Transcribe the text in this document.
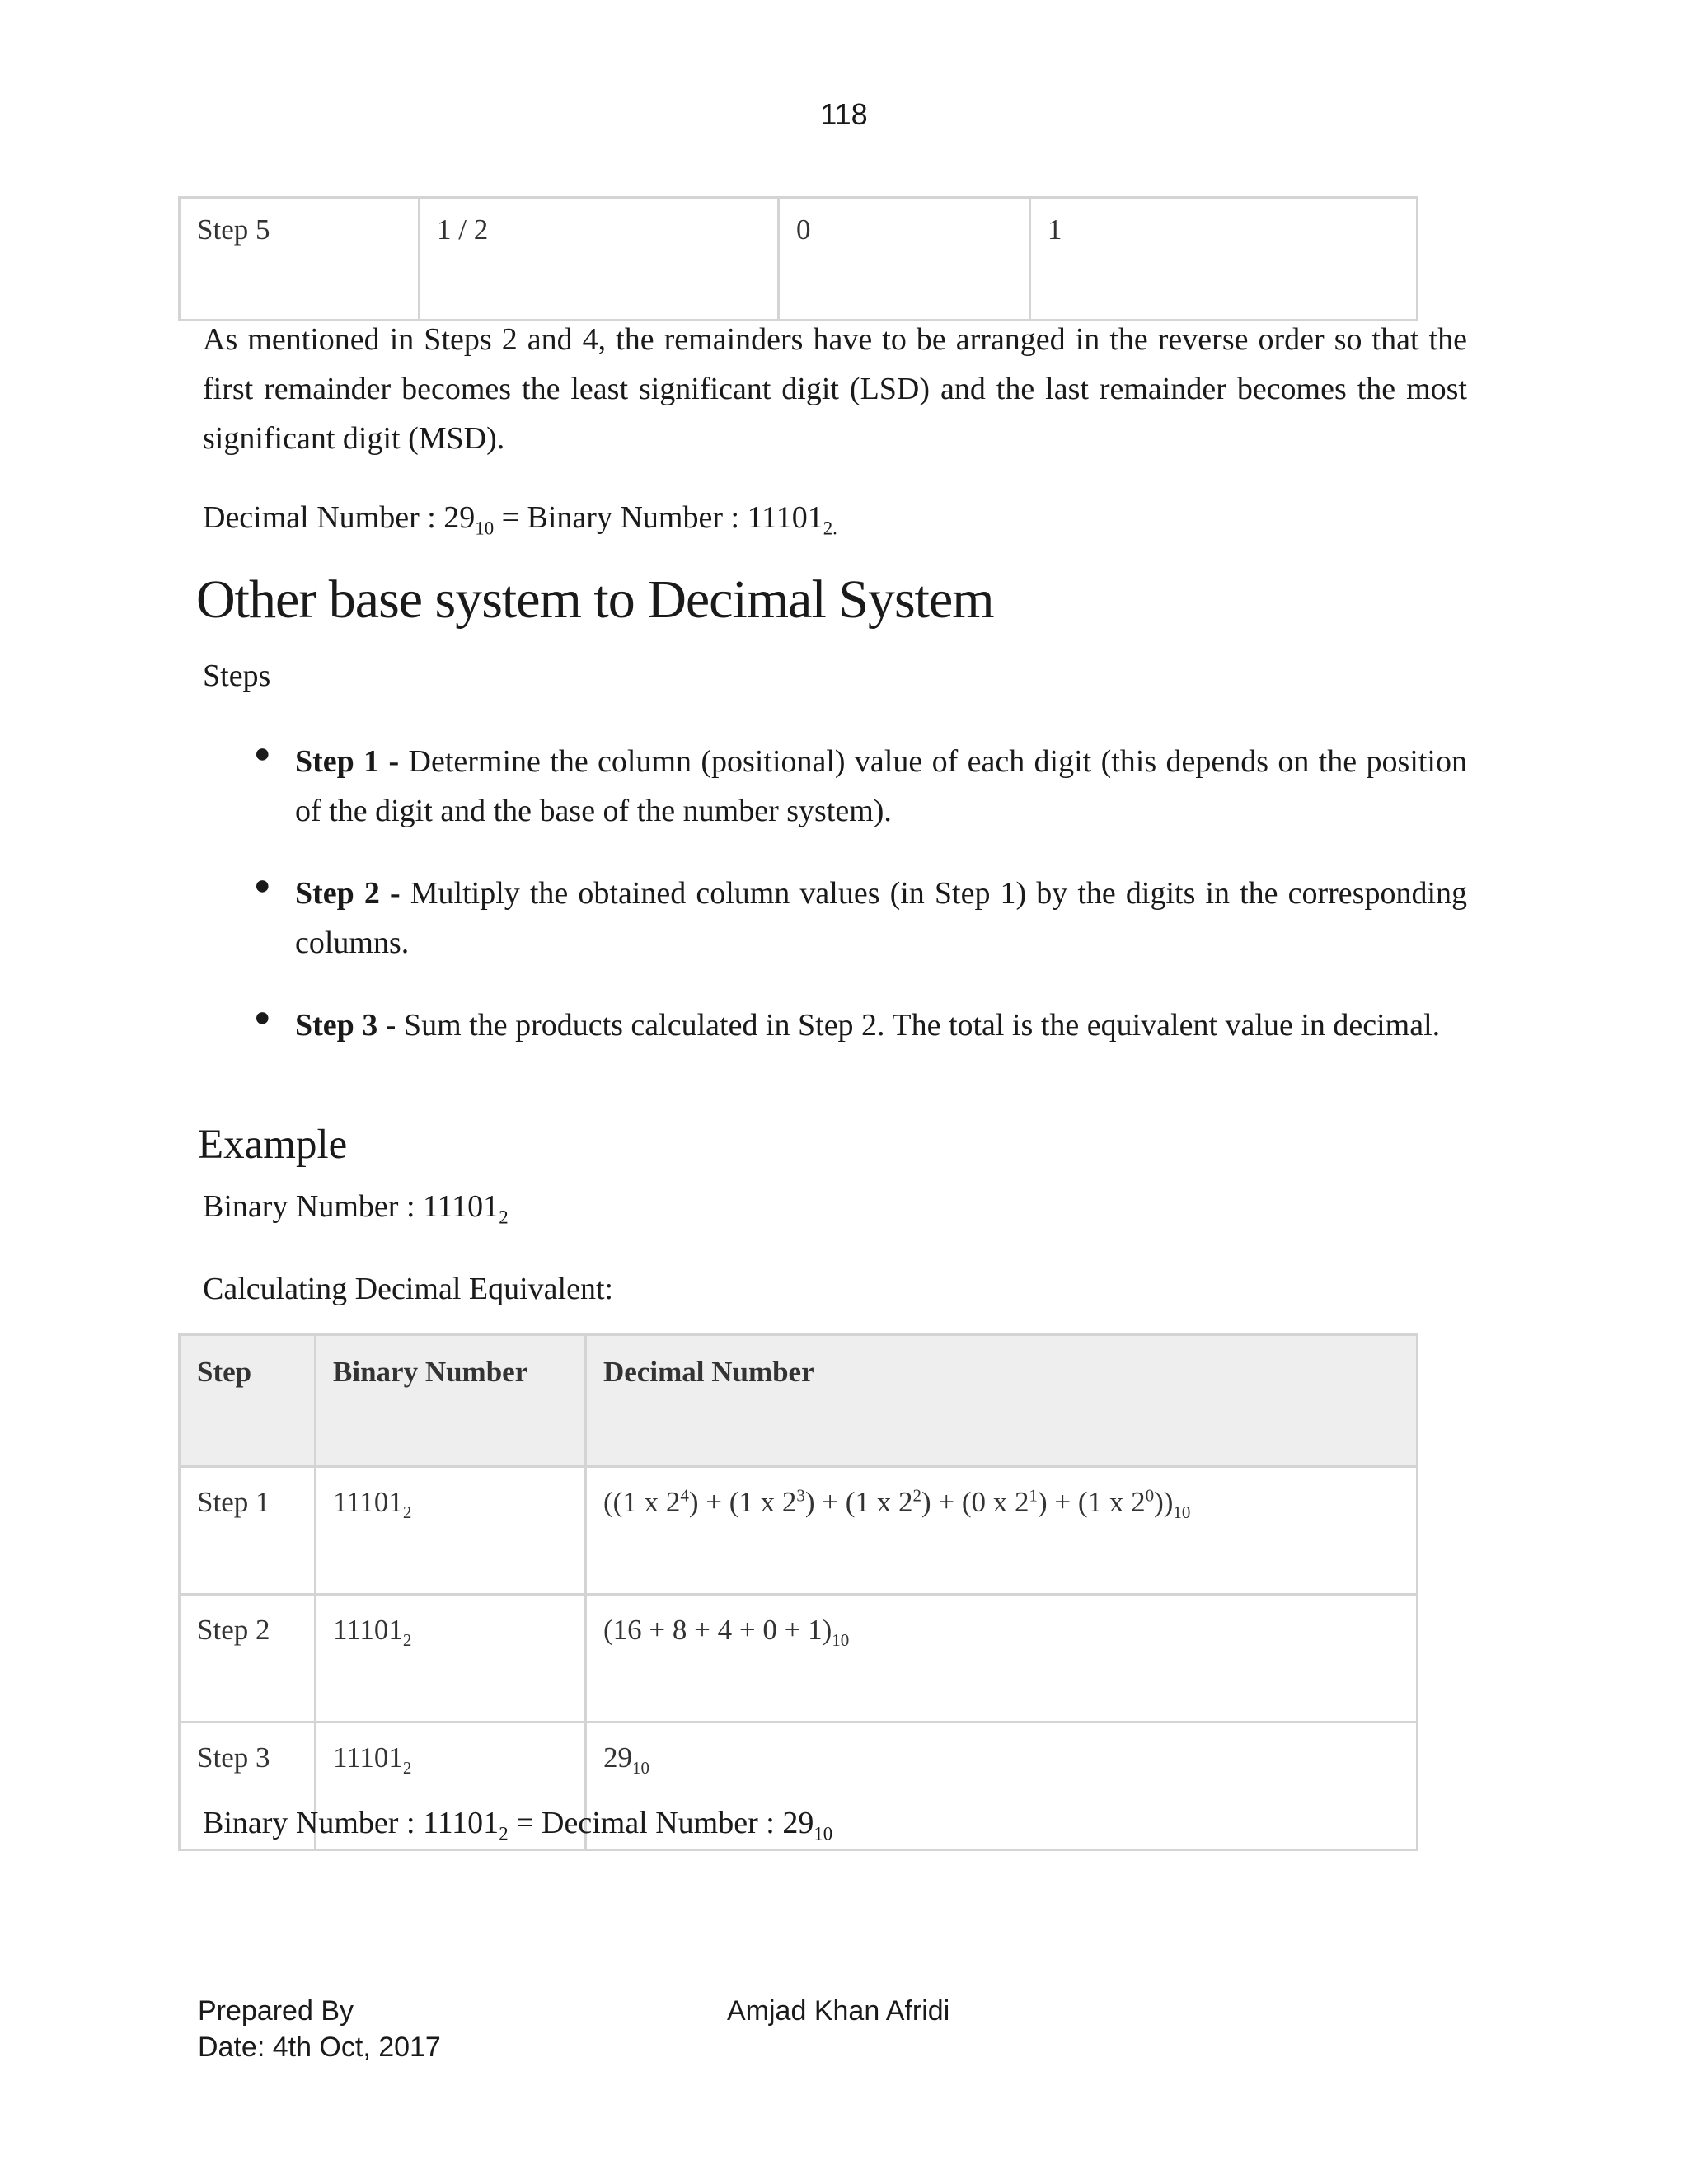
118
Step 5	1 / 2	0	1
As mentioned in Steps 2 and 4, the remainders have to be arranged in the reverse order so that the first remainder becomes the least significant digit (LSD) and the last remainder becomes the most significant digit (MSD).
Decimal Number : $29_{10}$ = Binary Number : $11101_{2.}$
Other base system to Decimal System
Steps
● Step 1 - Determine the column (positional) value of each digit (this depends on the position of the digit and the base of the number system).
● Step 2 - Multiply the obtained column values (in Step 1) by the digits in the corresponding columns.
● Step 3 - Sum the products calculated in Step 2. The total is the equivalent value in decimal.
Example
Binary Number : $11101_2$
Calculating Decimal Equivalent:
Step	Binary Number	Decimal Number
Step 1	$11101_2$	((1 x $2^4) + (1$ x $2^3) + (1$ x $2^2) + (0$ x $2^1) + (1$ x $2^0))_{10}$
Step 2	$11101_2$	$(16 + 8 + 4 + 0 + 1)_{10}$
Step 3	$11101_2$	$29_{10}$
Binary Number : $11101_2$ = Decimal Number : $29_{10}$
Prepared By
Date: 4th Oct, 2017
Amjad Khan Afridi
